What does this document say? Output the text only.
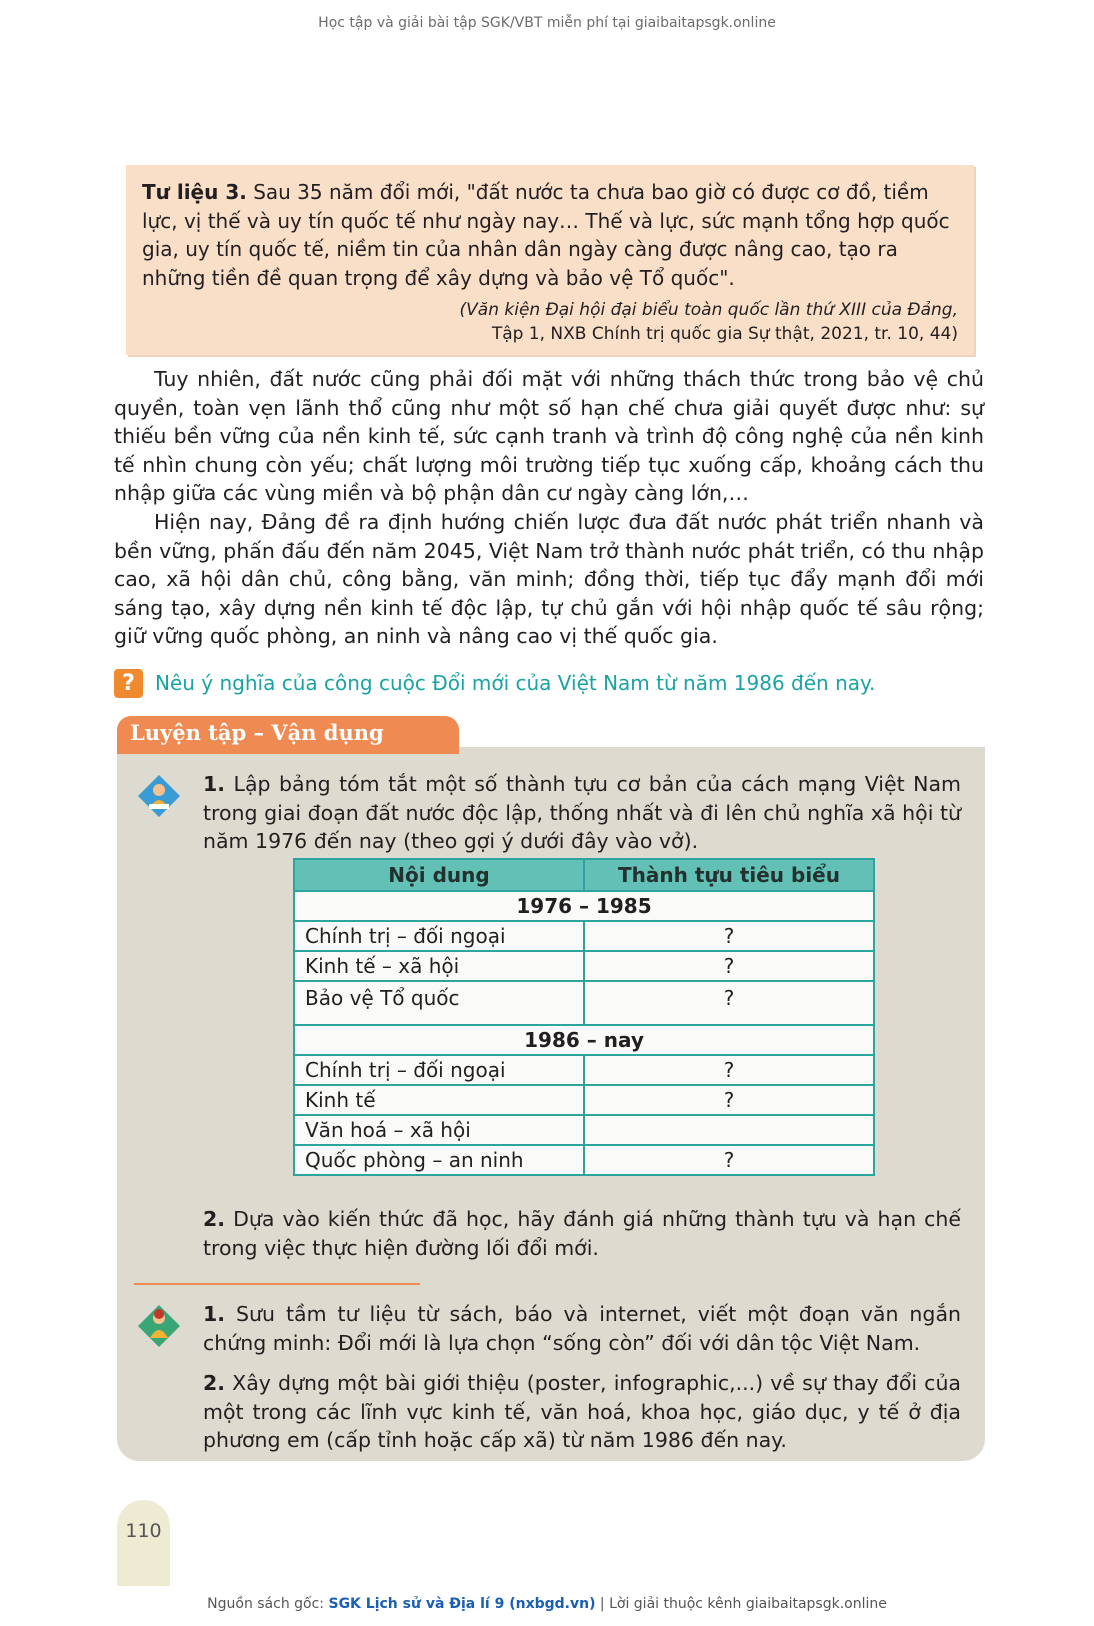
Học tập và giải bài tập SGK/VBT miễn phí tại giaibaitapsgk.online

Tư liệu 3. Sau 35 năm đổi mới, "đất nước ta chưa bao giờ có được cơ đồ, tiềm lực, vị thế và uy tín quốc tế như ngày nay… Thế và lực, sức mạnh tổng hợp quốc gia, uy tín quốc tế, niềm tin của nhân dân ngày càng được nâng cao, tạo ra những tiền đề quan trọng để xây dựng và bảo vệ Tổ quốc".

(Văn kiện Đại hội đại biểu toàn quốc lần thứ XIII của Đảng,
Tập 1, NXB Chính trị quốc gia Sự thật, 2021, tr. 10, 44)

Tuy nhiên, đất nước cũng phải đối mặt với những thách thức trong bảo vệ chủ quyền, toàn vẹn lãnh thổ cũng như một số hạn chế chưa giải quyết được như: sự thiếu bền vững của nền kinh tế, sức cạnh tranh và trình độ công nghệ của nền kinh tế nhìn chung còn yếu; chất lượng môi trường tiếp tục xuống cấp, khoảng cách thu nhập giữa các vùng miền và bộ phận dân cư ngày càng lớn,…

Hiện nay, Đảng đề ra định hướng chiến lược đưa đất nước phát triển nhanh và bền vững, phấn đấu đến năm 2045, Việt Nam trở thành nước phát triển, có thu nhập cao, xã hội dân chủ, công bằng, văn minh; đồng thời, tiếp tục đẩy mạnh đổi mới sáng tạo, xây dựng nền kinh tế độc lập, tự chủ gắn với hội nhập quốc tế sâu rộng; giữ vững quốc phòng, an ninh và nâng cao vị thế quốc gia.

?	Nêu ý nghĩa của công cuộc Đổi mới của Việt Nam từ năm 1986 đến nay.
Luyện tập – Vận dụng

1. Lập bảng tóm tắt một số thành tựu cơ bản của cách mạng Việt Nam trong giai đoạn đất nước độc lập, thống nhất và đi lên chủ nghĩa xã hội từ năm 1976 đến nay (theo gợi ý dưới đây vào vở).

Nội dung	Thành tựu tiêu biểu
1976 – 1985	
Chính trị – đối ngoại	?
Kinh tế – xã hội	?
Bảo vệ Tổ quốc	?
1986 – nay	
Chính trị – đối ngoại	?
Kinh tế	?
Văn hoá – xã hội	
Quốc phòng – an ninh	?

2. Dựa vào kiến thức đã học, hãy đánh giá những thành tựu và hạn chế trong việc thực hiện đường lối đổi mới.

1. Sưu tầm tư liệu từ sách, báo và internet, viết một đoạn văn ngắn chứng minh: Đổi mới là lựa chọn “sống còn” đối với dân tộc Việt Nam.

2. Xây dựng một bài giới thiệu (poster, infographic,...) về sự thay đổi của một trong các lĩnh vực kinh tế, văn hoá, khoa học, giáo dục, y tế ở địa phương em (cấp tỉnh hoặc cấp xã) từ năm 1986 đến nay.

110
Nguồn sách gốc: SGK Lịch sử và Địa lí 9 (nxbgd.vn) | Lời giải thuộc kênh giaibaitapsgk.online
